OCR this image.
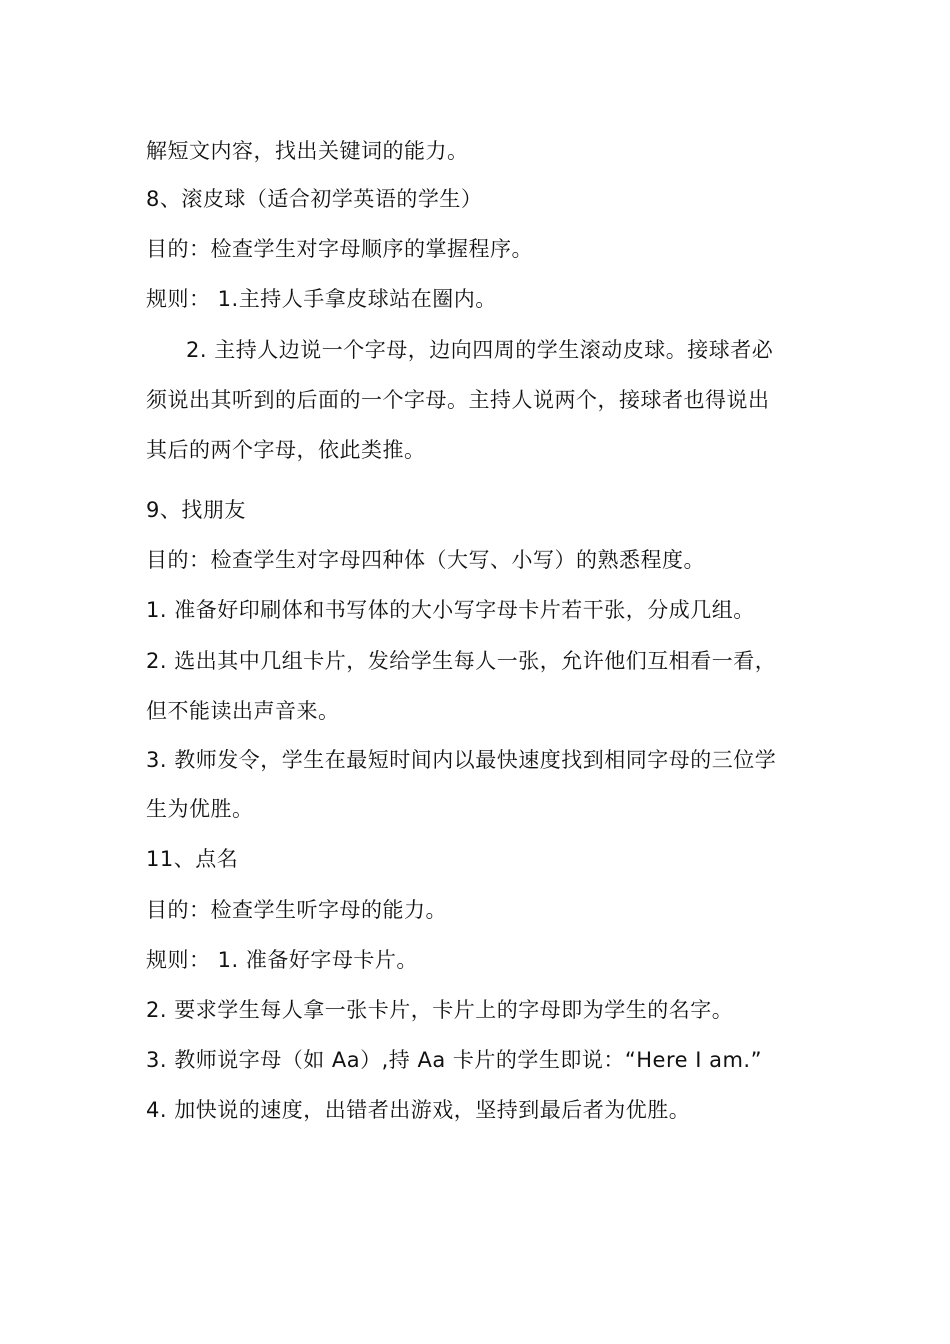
解短文内容，找出关键词的能力。
8、滚皮球（适合初学英语的学生）
目的：检查学生对字母顺序的掌握程序。
规则： 1.主持人手拿皮球站在圈内。
2. 主持人边说一个字母，边向四周的学生滚动皮球。接球者必
须说出其听到的后面的一个字母。主持人说两个，接球者也得说出
其后的两个字母，依此类推。
9、找朋友
目的：检查学生对字母四种体（大写、小写）的熟悉程度。
1. 准备好印刷体和书写体的大小写字母卡片若干张，分成几组。
2. 选出其中几组卡片，发给学生每人一张，允许他们互相看一看，
但不能读出声音来。
3. 教师发令，学生在最短时间内以最快速度找到相同字母的三位学
生为优胜。
11、点名
目的：检查学生听字母的能力。
规则： 1. 准备好字母卡片。
2. 要求学生每人拿一张卡片，卡片上的字母即为学生的名字。
3. 教师说字母（如 Aa）,持 Aa 卡片的学生即说：“Here I am.”
4. 加快说的速度，出错者出游戏，坚持到最后者为优胜。
